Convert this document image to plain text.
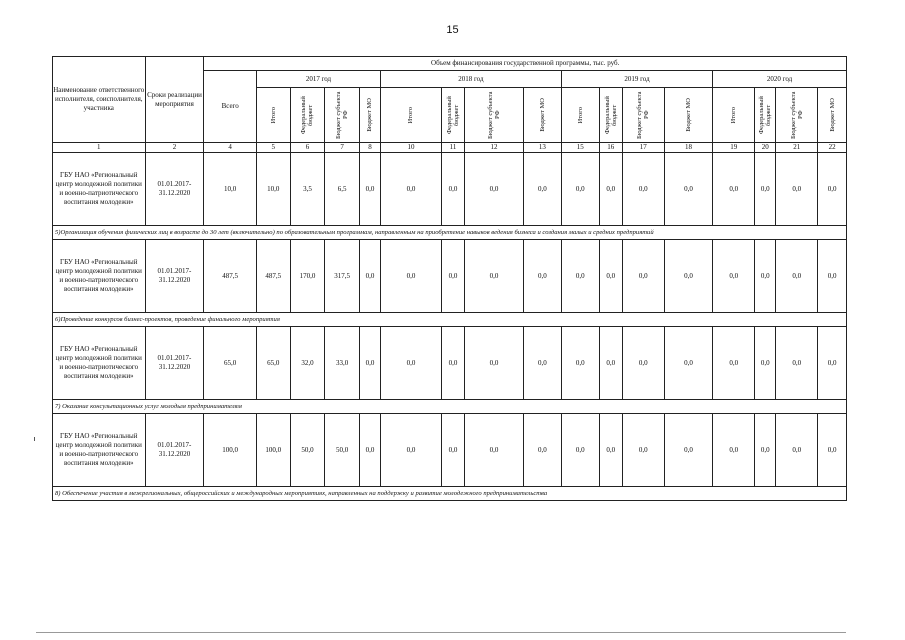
15
Наименование ответственного исполнителя, соисполнителя, участника	Сроки реализации мероприятия	Объем финансирования государственной программы, тыс. руб.																
		Всего	2017 год				2018 год				2019 год				2020 год			

			Итого	Федеральный бюджет	Бюджет субъекта РФ	Бюджет МО	Итого	Федеральный бюджет	Бюджет субъекта РФ	Бюджет МО	Итого	Федеральный бюджет	Бюджет субъекта РФ	Бюджет МО	Итого	Федеральный бюджет	Бюджет субъекта РФ	Бюджет МО

1	2	4	5	6	7	8	10	11	12	13	15	16	17	18	19	20	21	22
ГБУ НАО «Региональный центр молодежной политики и военно-патриотического воспитания молодежи»	01.01.2017-31.12.2020	10,0	10,0	3,5	6,5	0,0	0,0	0,0	0,0	0,0	0,0	0,0	0,0	0,0	0,0	0,0	0,0	0,0
5)Организация обучения физических лиц в возрасте до 30 лет (включительно) по образовательным программам, направленным на приобретение навыков ведения бизнеса и создания малых и средних предприятий																		
ГБУ НАО «Региональный центр молодежной политики и военно-патриотического воспитания молодежи»	01.01.2017-31.12.2020	487,5	487,5	170,0	317,5	0,0	0,0	0,0	0,0	0,0	0,0	0,0	0,0	0,0	0,0	0,0	0,0	0,0
6)Проведение конкурсов бизнес-проектов, проведение финального мероприятия																		
ГБУ НАО «Региональный центр молодежной политики и военно-патриотического воспитания молодежи»	01.01.2017-31.12.2020	65,0	65,0	32,0	33,0	0,0	0,0	0,0	0,0	0,0	0,0	0,0	0,0	0,0	0,0	0,0	0,0	0,0
7) Оказание консультационных услуг молодым предпринимателям																		
ГБУ НАО «Региональный центр молодежной политики и военно-патриотического воспитания молодежи»	01.01.2017-31.12.2020	100,0	100,0	50,0	50,0	0,0	0,0	0,0	0,0	0,0	0,0	0,0	0,0	0,0	0,0	0,0	0,0	0,0
8) Обеспечение участия в межрегиональных, общероссийских и международных мероприятиях, направленных на поддержку и развитие молодежного предпринимательства																		
